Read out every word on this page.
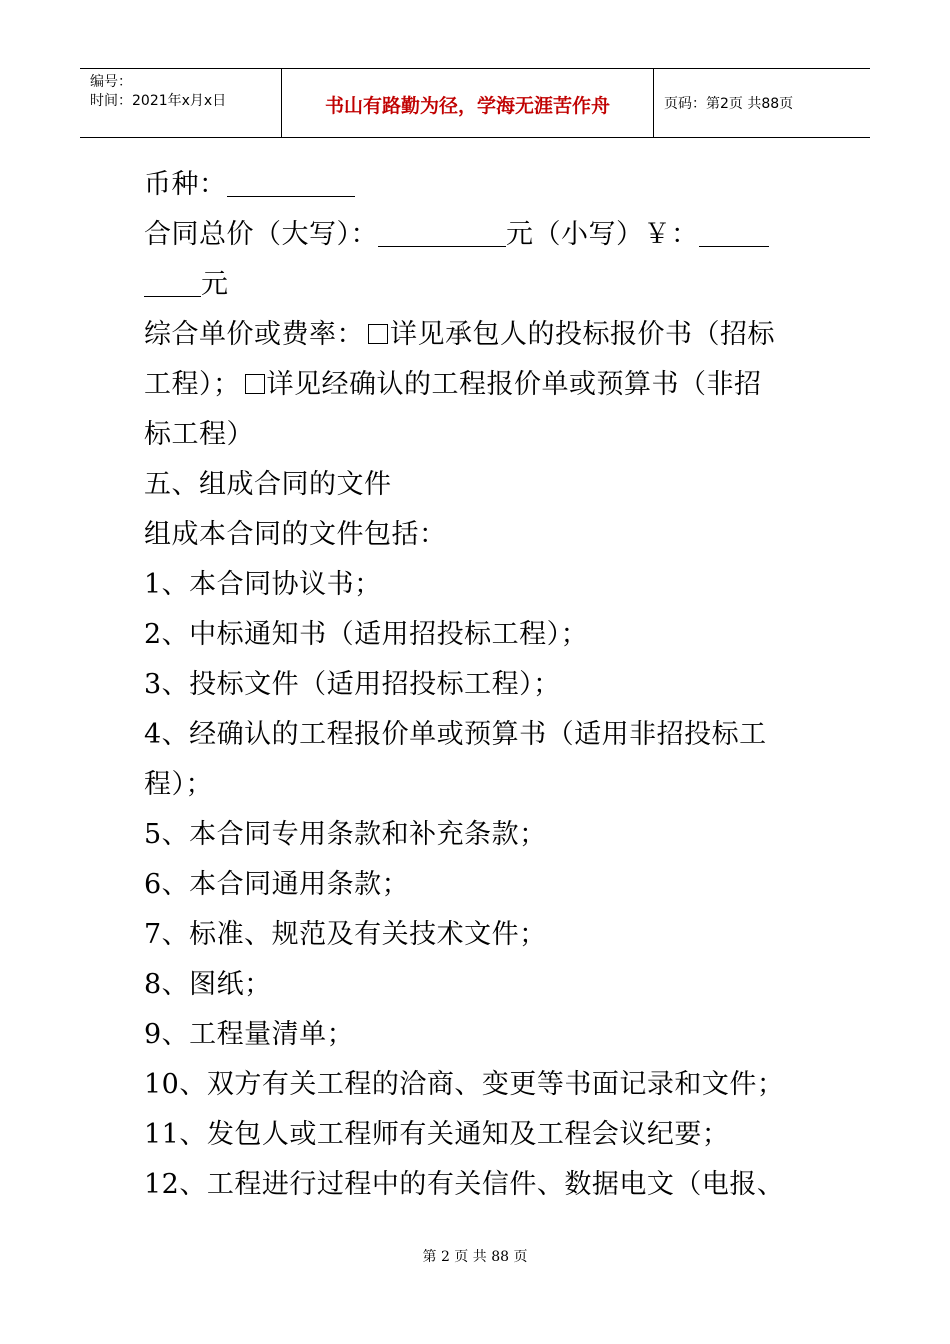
编号：
时间：2021年x月x日	书山有路勤为径，学海无涯苦作舟	页码：第2页 共88页
币种：
合同总价（大写）：	元（小写）￥：
元
综合单价或费率： 详见承包人的投标报价书（招标
工程）； 详见经确认的工程报价单或预算书（非招
标工程）
五、组成合同的文件
组成本合同的文件包括：
1、本合同协议书；
2、中标通知书（适用招投标工程）；
3、投标文件（适用招投标工程）；
4、经确认的工程报价单或预算书（适用非招投标工
程）；
5、本合同专用条款和补充条款；
6、本合同通用条款；
7、标准、规范及有关技术文件；
8、图纸；
9、工程量清单；
10、双方有关工程的洽商、变更等书面记录和文件；
11、发包人或工程师有关通知及工程会议纪要；
12、工程进行过程中的有关信件、数据电文（电报、
第 2 页 共 88 页
